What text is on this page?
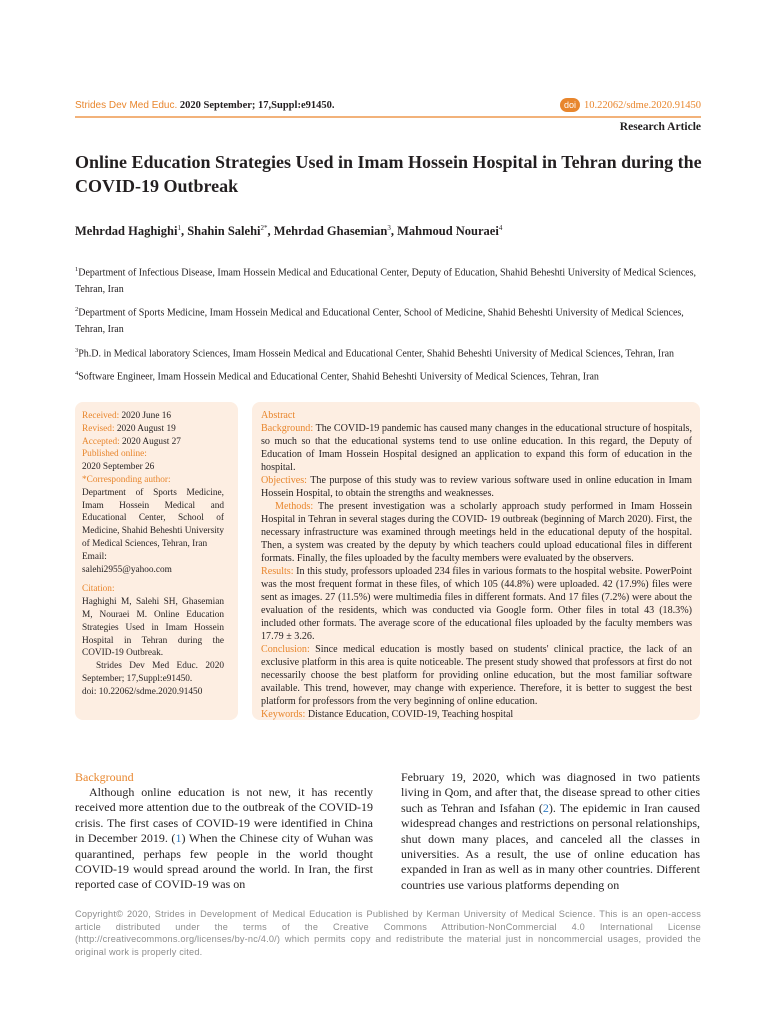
Strides Dev Med Educ. 2020 September; 17,Suppl:e91450.	doi 10.22062/sdme.2020.91450
Research Article
Online Education Strategies Used in Imam Hossein Hospital in Tehran during the COVID-19 Outbreak
Mehrdad Haghighi$^1$, Shahin Salehi$^{2*}$, Mehrdad Ghasemian$^3$, Mahmoud Nouraei$^4$

$^1$Department of Infectious Disease, Imam Hossein Medical and Educational Center, Deputy of Education, Shahid Beheshti University of Medical Sciences, Tehran, Iran

$^2$Department of Sports Medicine, Imam Hossein Medical and Educational Center, School of Medicine, Shahid Beheshti University of Medical Sciences, Tehran, Iran

$^3$Ph.D. in Medical laboratory Sciences, Imam Hossein Medical and Educational Center, Shahid Beheshti University of Medical Sciences, Tehran, Iran

$^4$Software Engineer, Imam Hossein Medical and Educational Center, Shahid Beheshti University of Medical Sciences, Tehran, Iran

Received: 2020 June 16

Revised: 2020 August 19

Accepted: 2020 August 27

Published online:

2020 September 26

*Corresponding author:

Department of Sports Medicine, Imam Hossein Medical and Educational Center, School of Medicine, Shahid Beheshti University of Medical Sciences, Tehran, Iran

Email:

salehi2955@yahoo.com

Citation:

Haghighi M, Salehi SH, Ghasemian M, Nouraei M. Online Education Strategies Used in Imam Hossein Hospital in Tehran during the COVID-19 Outbreak.

Strides Dev Med Educ. 2020 September; 17,Suppl:e91450.

doi: 10.22062/sdme.2020.91450

Abstract

Background: The COVID-19 pandemic has caused many changes in the educational structure of hospitals, so much so that the educational systems tend to use online education. In this regard, the Deputy of Education of Imam Hossein Hospital designed an application to expand this form of education in the hospital.

Objectives: The purpose of this study was to review various software used in online education in Imam Hossein Hospital, to obtain the strengths and weaknesses.

Methods: The present investigation was a scholarly approach study performed in Imam Hossein Hospital in Tehran in several stages during the COVID- 19 outbreak (beginning of March 2020). First, the necessary infrastructure was examined through meetings held in the educational deputy of the hospital. Then, a system was created by the deputy by which teachers could upload educational files in different formats. Finally, the files uploaded by the faculty members were evaluated by the observers.

Results: In this study, professors uploaded 234 files in various formats to the hospital website. PowerPoint was the most frequent format in these files, of which 105 (44.8%) were uploaded. 42 (17.9%) files were sent as images. 27 (11.5%) were multimedia files in different formats. And 17 files (7.2%) were about the evaluation of the residents, which was conducted via Google form. Other files in total 43 (18.3%) included other formats. The average score of the educational files uploaded by the faculty members was 17.79 ± 3.26.

Conclusion: Since medical education is mostly based on students' clinical practice, the lack of an exclusive platform in this area is quite noticeable. The present study showed that professors at first do not necessarily choose the best platform for providing online education, but the most familiar software available. This trend, however, may change with experience. Therefore, it is better to suggest the best platform for professors from the very beginning of online education.

Keywords: Distance Education, COVID-19, Teaching hospital

Background

Although online education is not new, it has recently received more attention due to the outbreak of the COVID-19 crisis. The first cases of COVID-19 were identified in China in December 2019. (1) When the Chinese city of Wuhan was quarantined, perhaps few people in the world thought COVID-19 would spread around the world. In Iran, the first reported case of COVID-19 was on

February 19, 2020, which was diagnosed in two patients living in Qom, and after that, the disease spread to other cities such as Tehran and Isfahan (2). The epidemic in Iran caused widespread changes and restrictions on personal relationships, shut down many places, and canceled all the classes in universities. As a result, the use of online education has expanded in Iran as well as in many other countries. Different countries use various platforms depending on

Copyright© 2020, Strides in Development of Medical Education is Published by Kerman University of Medical Science. This is an open-access article distributed under the terms of the Creative Commons Attribution-NonCommercial 4.0 International License (http://creativecommons.org/licenses/by-nc/4.0/) which permits copy and redistribute the material just in noncommercial usages, provided the original work is properly cited.
